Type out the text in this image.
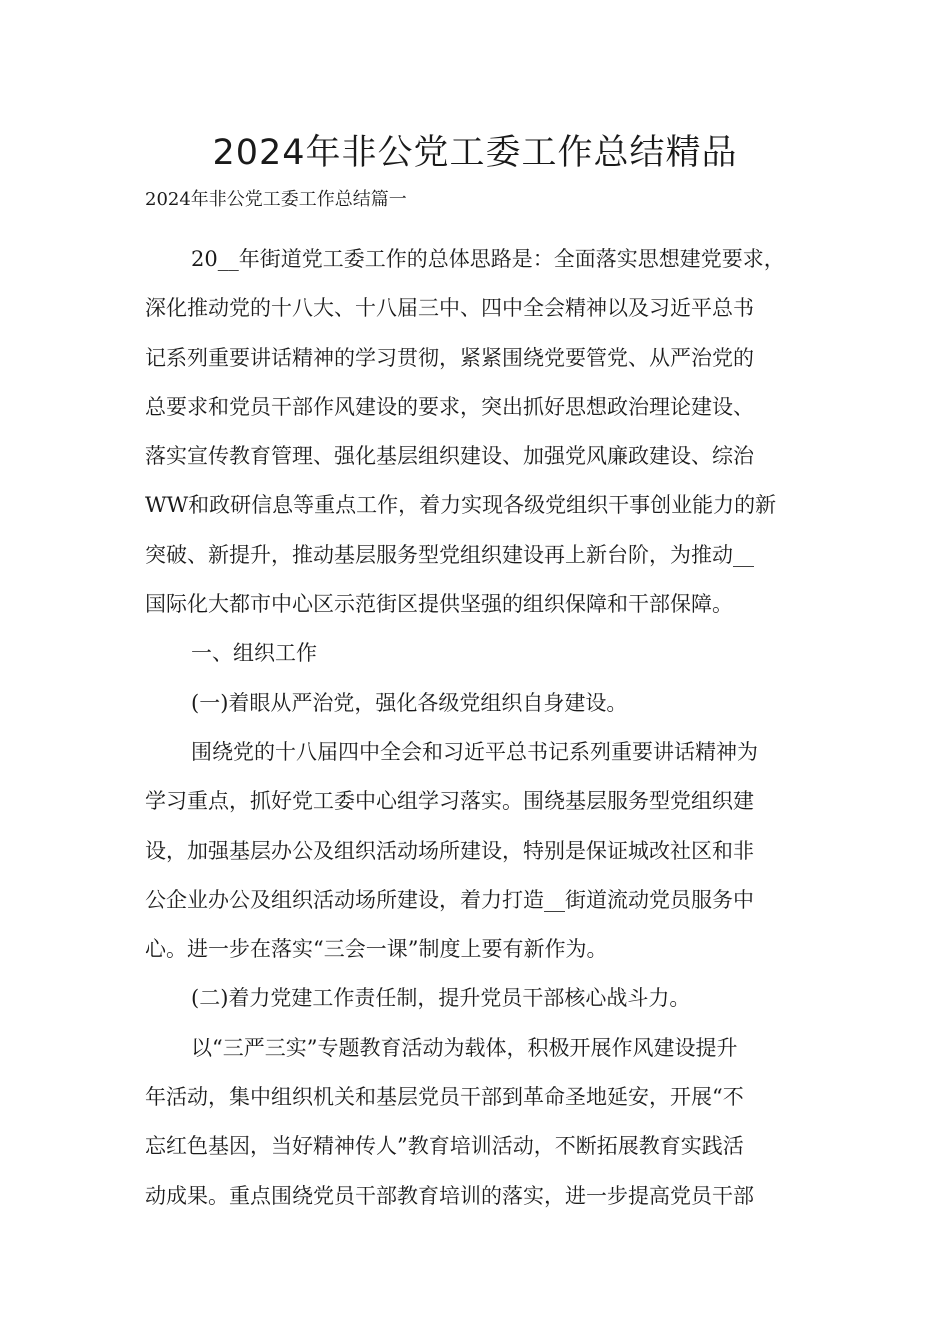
2024年非公党工委工作总结精品
2024年非公党工委工作总结篇一
20__年街道党工委工作的总体思路是：全面落实思想建党要求，
深化推动党的十八大、十八届三中、四中全会精神以及习近平总书
记系列重要讲话精神的学习贯彻，紧紧围绕党要管党、从严治党的
总要求和党员干部作风建设的要求，突出抓好思想政治理论建设、
落实宣传教育管理、强化基层组织建设、加强党风廉政建设、综治
WW和政研信息等重点工作，着力实现各级党组织干事创业能力的新
突破、新提升，推动基层服务型党组织建设再上新台阶，为推动__
国际化大都市中心区示范街区提供坚强的组织保障和干部保障。
一、组织工作
(一)着眼从严治党，强化各级党组织自身建设。
围绕党的十八届四中全会和习近平总书记系列重要讲话精神为
学习重点，抓好党工委中心组学习落实。围绕基层服务型党组织建
设，加强基层办公及组织活动场所建设，特别是保证城改社区和非
公企业办公及组织活动场所建设，着力打造__街道流动党员服务中
心。进一步在落实“三会一课”制度上要有新作为。
(二)着力党建工作责任制，提升党员干部核心战斗力。
以“三严三实”专题教育活动为载体，积极开展作风建设提升
年活动，集中组织机关和基层党员干部到革命圣地延安，开展“不
忘红色基因，当好精神传人”教育培训活动，不断拓展教育实践活
动成果。重点围绕党员干部教育培训的落实，进一步提高党员干部
